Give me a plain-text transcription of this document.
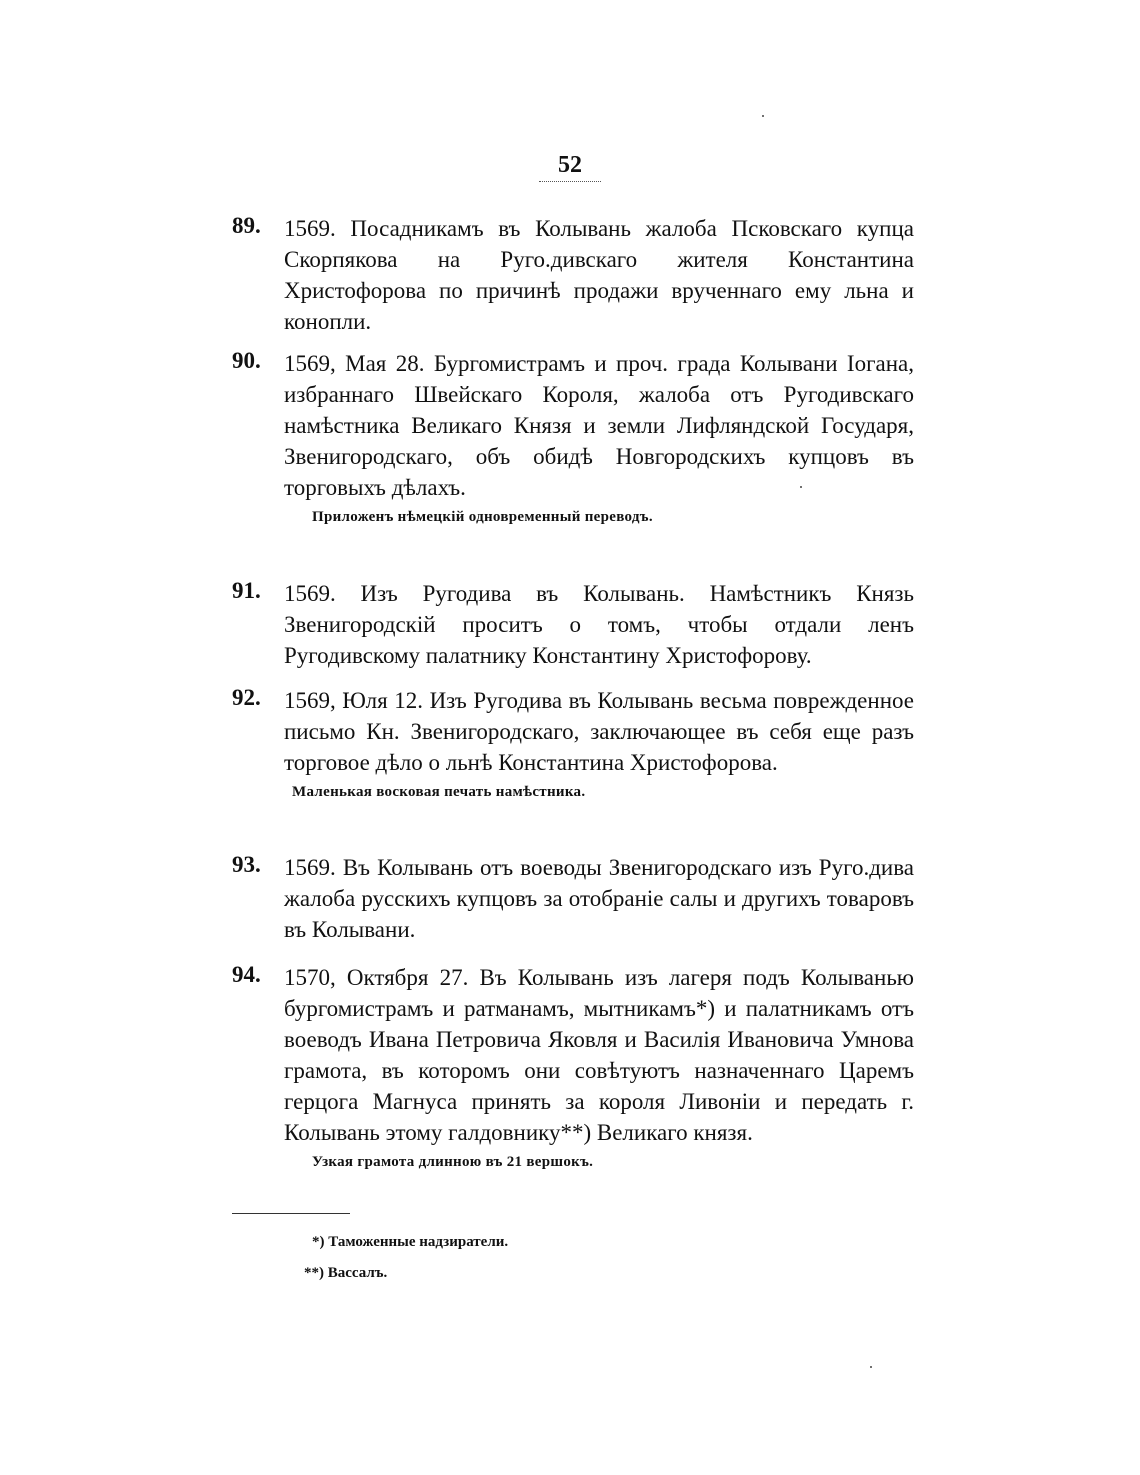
52
89.	1569. Посадникамъ въ Колывань жалоба Псковскаго купца Скорпякова на Руго.дивскаго жителя Константина Христофорова по причинѣ продажи врученнаго ему льна и конопли.
90.	1569, Мая 28. Бургомистрамъ и проч. града Колывани Iогана, избраннаго Швейскаго Короля, жалоба отъ Ругодивскаго намѣстника Великаго Князя и земли Лифляндской Государя, Звенигородскаго, объ обидѣ Новгородскихъ купцовъ въ торговыхъ дѣлахъ.
Приложенъ нѣмецкій одновременный переводъ.
91.	1569. Изъ Ругодива въ Колывань. Намѣстникъ Князь Звенигородскій проситъ о томъ, чтобы отдали ленъ Ругодивскому палатнику Константину Христофорову.
92.	1569, Юля 12. Изъ Ругодива въ Колывань весьма поврежденное письмо Кн. Звенигородскаго, заключающее въ себя еще разъ торговое дѣло о льнѣ Константина Христофорова.
Маленькая восковая печать намѣстника.
93.	1569. Въ Колывань отъ воеводы Звенигородскаго изъ Руго.дива жалоба русскихъ купцовъ за отобраніе салы и другихъ товаровъ въ Колывани.
94.	1570, Октября 27. Въ Колывань изъ лагеря подъ Колыванью бургомистрамъ и ратманамъ, мытникамъ*) и палатникамъ отъ воеводъ Ивана Петровича Яковля и Василія Ивановича Умнова грамота, въ которомъ они совѣтуютъ назначеннаго Царемъ герцога Магнуса принять за короля Ливоніи и передать г. Колывань этому галдовнику**) Великаго князя.
Узкая грамота длинною въ 21 вершокъ.
*) Таможенные надзиратели.
**) Вассалъ.
